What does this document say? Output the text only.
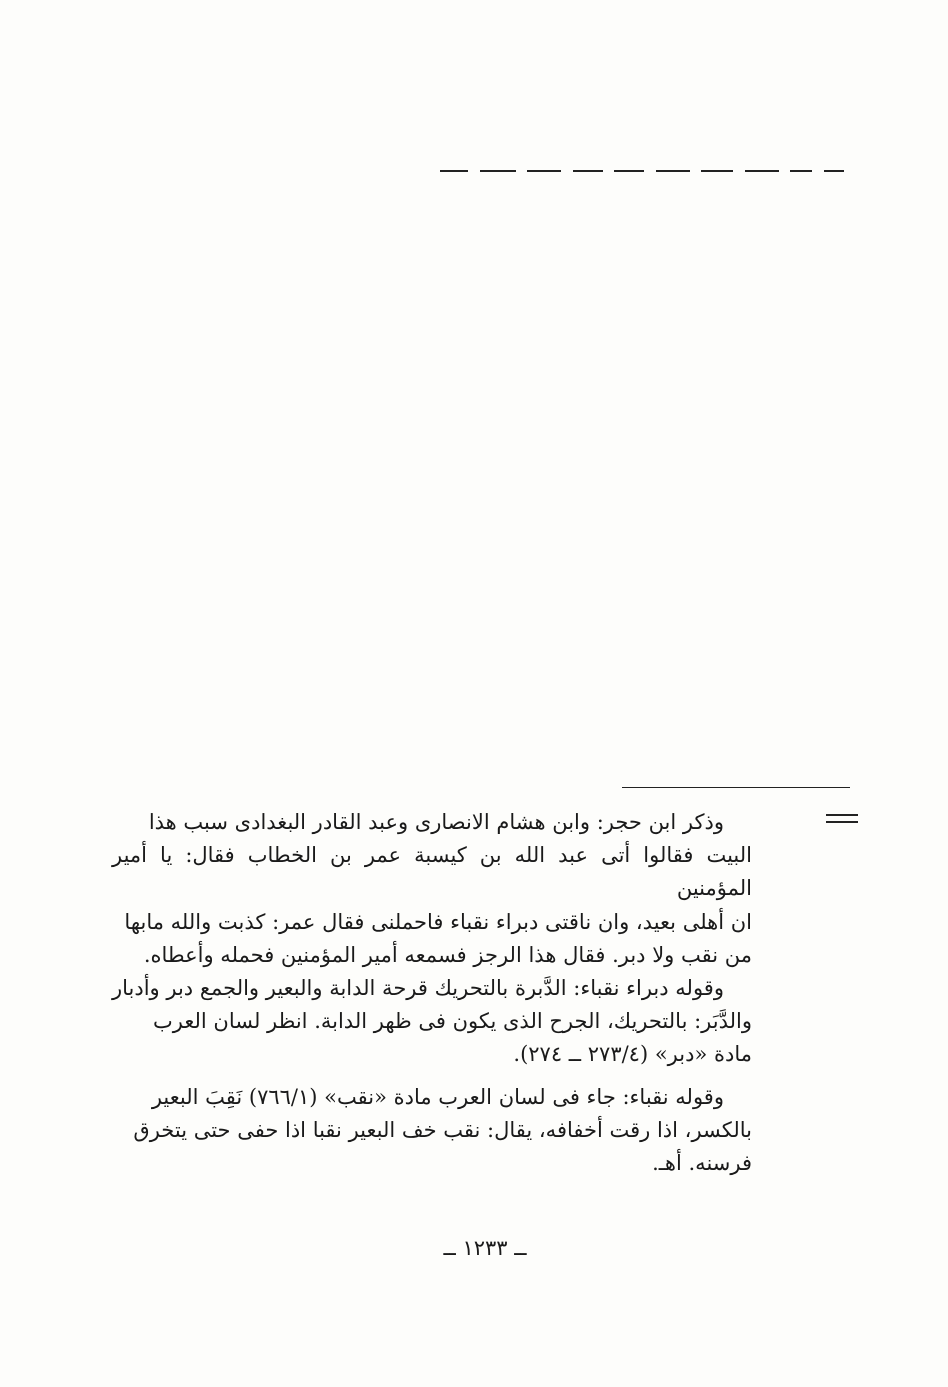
وذكر ابن حجر: وابن هشام الانصارى وعبد القادر البغدادى سبب هذا

البيت فقالوا أتى عبد الله بن كيسبة عمر بن الخطاب فقال: يا أمير المؤمنين

ان أهلى بعيد، وان ناقتى دبراء نقباء فاحملنى فقال عمر: كذبت والله مابها

من نقب ولا دبر. فقال هذا الرجز فسمعه أمير المؤمنين فحمله وأعطاه.

وقوله دبراء نقباء: الدَّبرة بالتحريك قرحة الدابة والبعير والجمع دبر وأدبار

والدَّبَر: بالتحريك، الجرح الذى يكون فى ظهر الدابة. انظر لسان العرب

مادة «دبر» (٢٧٣/٤ ــ ٢٧٤).

وقوله نقباء: جاء فى لسان العرب مادة «نقب» (٧٦٦/١) نَقِبَ البعير

بالكسر، اذا رقت أخفافه، يقال: نقب خف البعير نقبا اذا حفى حتى يتخرق

فرسنه. أهـ.

ــ ١٢٣٣ ــ
